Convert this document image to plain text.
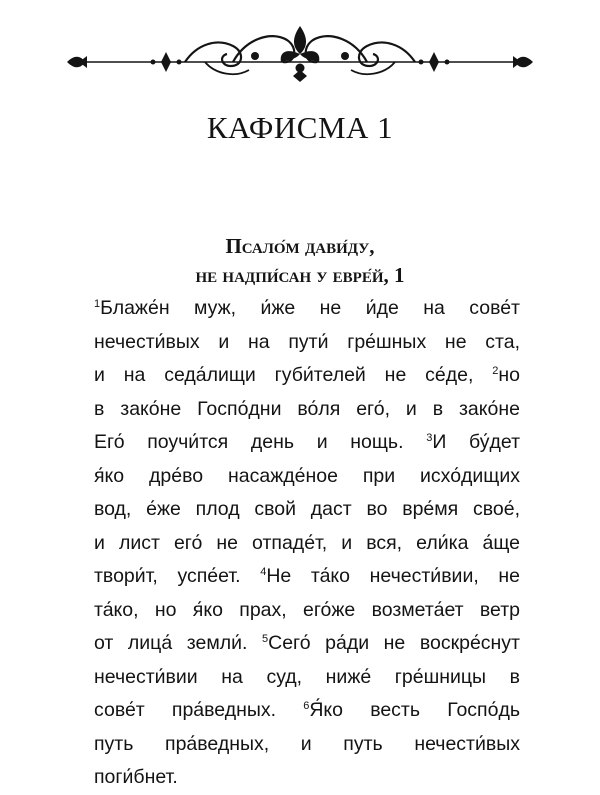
КАФИСМА 1
Псало́м дави́ду,
не надпи́сан у евре́й, 1
$^1$Блаже́н муж, и́же не и́де на сове́т
нечести́вых и на пути́ гре́шных не ста,
и на седа́лищи губи́телей не се́де, $^2$но
в зако́не Госпо́дни во́ля его́, и в зако́не
Его́ поучи́тся день и нощь. $^3$И бу́дет
я́ко дре́во насажде́ное при исхо́дищих
вод, е́же плод свой даст во вре́мя свое́,
и лист его́ не отпаде́т, и вся, ели́ка а́ще
твори́т, успе́ет. $^4$Не та́ко нечести́вии, не
та́ко, но я́ко прах, его́же возмета́ет ветр
от лица́ земли́. $^5$Сего́ ра́ди не воскре́снут
нечести́вии на суд, ниже́ гре́шницы в
сове́т пра́ведных. $^6$Я́ко весть Госпо́дь
путь пра́ведных, и путь нечести́вых
поги́бнет.
